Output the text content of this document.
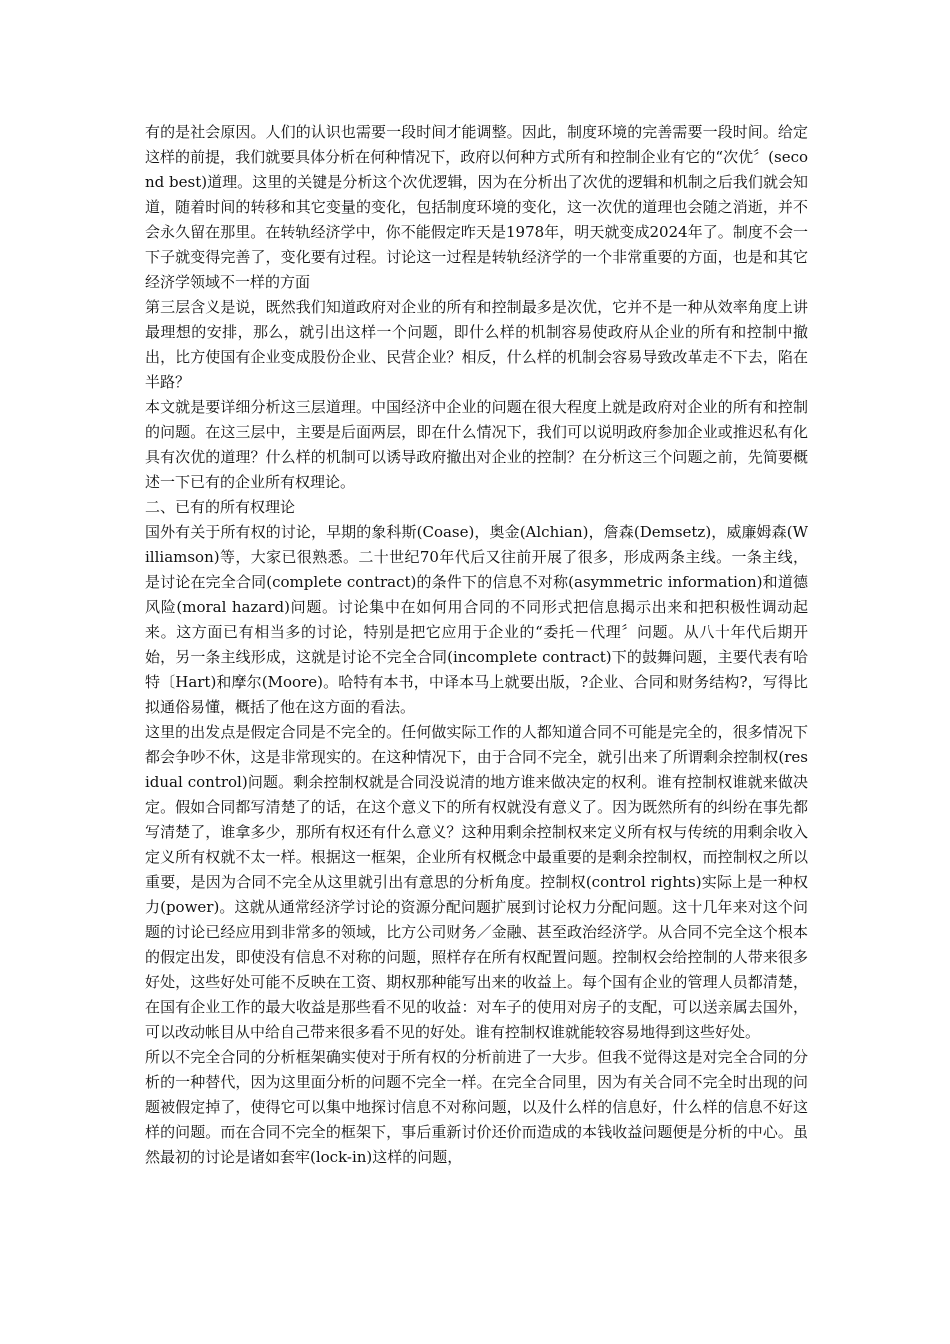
有的是社会原因。人们的认识也需要一段时间才能调整。因此，制度环境的完善需要一段时间。给定这样的前提，我们就要具体分析在何种情况下，政府以何种方式所有和控制企业有它的“次优〞(second best)道理。这里的关键是分析这个次优逻辑，因为在分析出了次优的逻辑和机制之后我们就会知道，随着时间的转移和其它变量的变化，包括制度环境的变化，这一次优的道理也会随之消逝，并不会永久留在那里。在转轨经济学中，你不能假定昨天是1978年，明天就变成2024年了。制度不会一下子就变得完善了，变化要有过程。讨论这一过程是转轨经济学的一个非常重要的方面，也是和其它经济学领域不一样的方面

第三层含义是说，既然我们知道政府对企业的所有和控制最多是次优，它并不是一种从效率角度上讲最理想的安排，那么，就引出这样一个问题，即什么样的机制容易使政府从企业的所有和控制中撤出，比方使国有企业变成股份企业、民营企业？相反，什么样的机制会容易导致改革走不下去，陷在半路？

本文就是要详细分析这三层道理。中国经济中企业的问题在很大程度上就是政府对企业的所有和控制的问题。在这三层中，主要是后面两层，即在什么情况下，我们可以说明政府参加企业或推迟私有化具有次优的道理？什么样的机制可以诱导政府撤出对企业的控制？在分析这三个问题之前，先简要概述一下已有的企业所有权理论。

二、已有的所有权理论

国外有关于所有权的讨论，早期的象科斯(Coase)，奥金(Alchian)，詹森(Demsetz)，威廉姆森(Williamson)等，大家已很熟悉。二十世纪70年代后又往前开展了很多，形成两条主线。一条主线，是讨论在完全合同(complete contract)的条件下的信息不对称(asymmetric information)和道德风险(moral hazard)问题。讨论集中在如何用合同的不同形式把信息揭示出来和把积极性调动起来。这方面已有相当多的讨论，特别是把它应用于企业的“委托－代理〞问题。从八十年代后期开始，另一条主线形成，这就是讨论不完全合同(incomplete contract)下的鼓舞问题，主要代表有哈特〔Hart)和摩尔(Moore)。哈特有本书，中译本马上就要出版，?企业、合同和财务结构?，写得比拟通俗易懂，概括了他在这方面的看法。

这里的出发点是假定合同是不完全的。任何做实际工作的人都知道合同不可能是完全的，很多情况下都会争吵不休，这是非常现实的。在这种情况下，由于合同不完全，就引出来了所谓剩余控制权(residual control)问题。剩余控制权就是合同没说清的地方谁来做决定的权利。谁有控制权谁就来做决定。假如合同都写清楚了的话，在这个意义下的所有权就没有意义了。因为既然所有的纠纷在事先都写清楚了，谁拿多少，那所有权还有什么意义？这种用剩余控制权来定义所有权与传统的用剩余收入定义所有权就不太一样。根据这一框架，企业所有权概念中最重要的是剩余控制权，而控制权之所以重要，是因为合同不完全从这里就引出有意思的分析角度。控制权(control rights)实际上是一种权力(power)。这就从通常经济学讨论的资源分配问题扩展到讨论权力分配问题。这十几年来对这个问题的讨论已经应用到非常多的领域，比方公司财务／金融、甚至政治经济学。从合同不完全这个根本的假定出发，即使没有信息不对称的问题，照样存在所有权配置问题。控制权会给控制的人带来很多好处，这些好处可能不反映在工资、期权那种能写出来的收益上。每个国有企业的管理人员都清楚，在国有企业工作的最大收益是那些看不见的收益：对车子的使用对房子的支配，可以送亲属去国外，可以改动帐目从中给自己带来很多看不见的好处。谁有控制权谁就能较容易地得到这些好处。

所以不完全合同的分析框架确实使对于所有权的分析前进了一大步。但我不觉得这是对完全合同的分析的一种替代，因为这里面分析的问题不完全一样。在完全合同里，因为有关合同不完全时出现的问题被假定掉了，使得它可以集中地探讨信息不对称问题，以及什么样的信息好，什么样的信息不好这样的问题。而在合同不完全的框架下，事后重新讨价还价而造成的本钱收益问题便是分析的中心。虽然最初的讨论是诸如套牢(lock-in)这样的问题，
